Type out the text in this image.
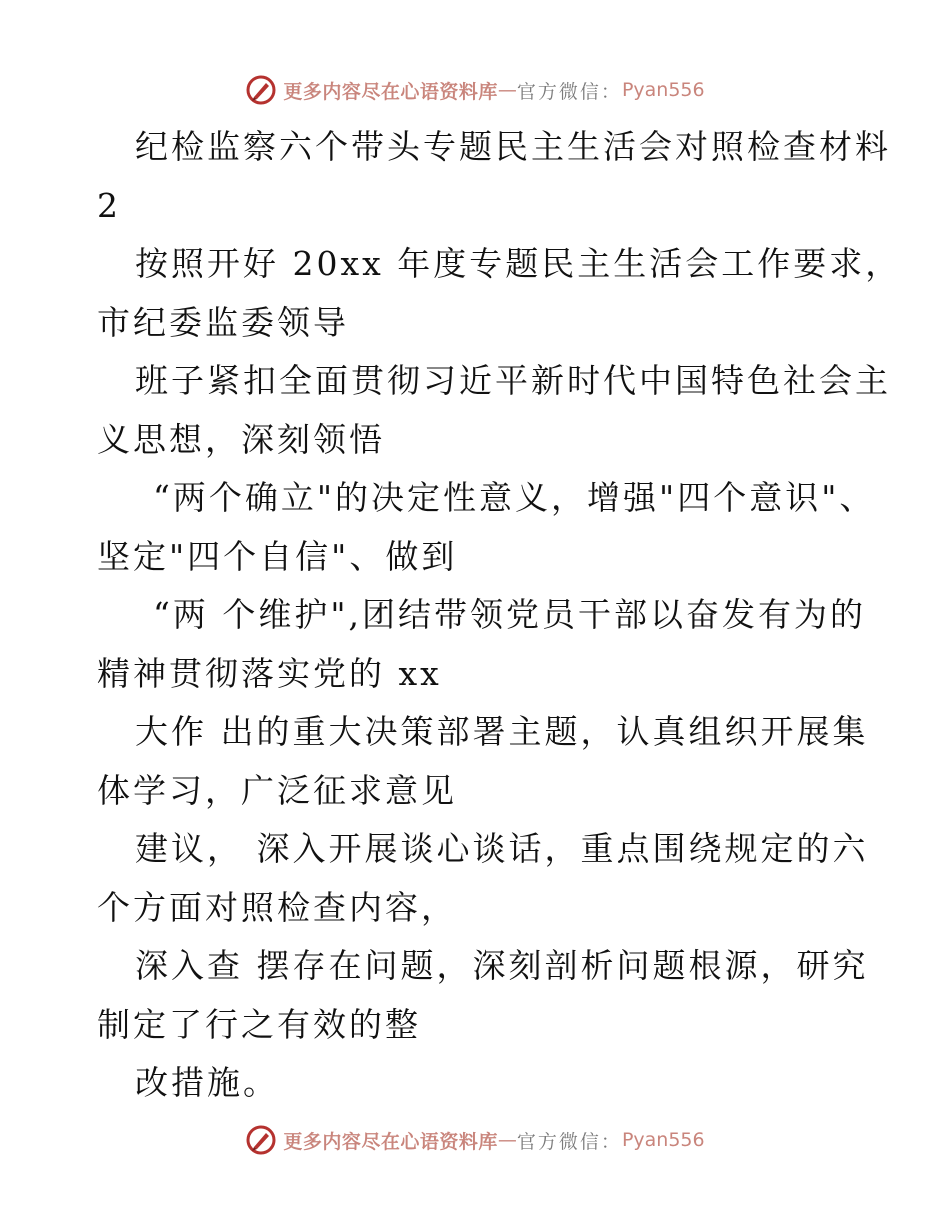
更多内容尽在心语资料库 — 官方微信： Pyan556
纪检监察六个带头专题民主生活会对照检查材料
2
按照开好 20xx 年度专题民主生活会工作要求，
市纪委监委领导
班子紧扣全面贯彻习近平新时代中国特色社会主
义思想，深刻领悟
“两个确立"的决定性意义，增强"四个意识"、
坚定"四个自信"、做到
“两 个维护",团结带领党员干部以奋发有为的
精神贯彻落实党的 xx
大作 出的重大决策部署主题，认真组织开展集
体学习，广泛征求意见
建议， 深入开展谈心谈话，重点围绕规定的六
个方面对照检查内容，
深入查 摆存在问题，深刻剖析问题根源，研究
制定了行之有效的整
改措施。
更多内容尽在心语资料库 — 官方微信： Pyan556
